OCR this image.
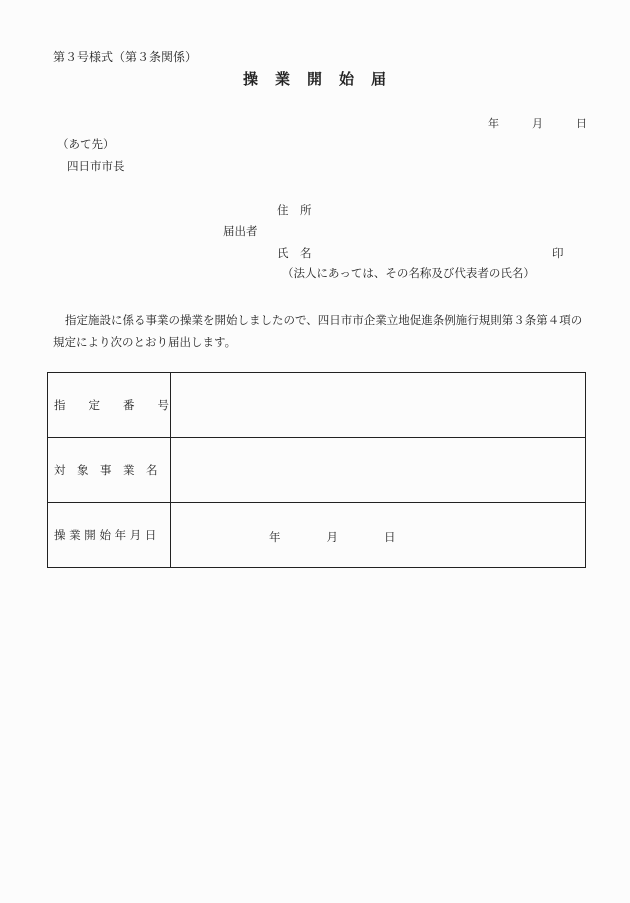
第３号様式（第３条関係）
操　業　開　始　届
年　　　月　　　日
（あて先）
四日市市長
住　所
届出者
氏　名	印
（法人にあっては、その名称及び代表者の氏名）
指定施設に係る事業の操業を開始しましたので、四日市市企業立地促進条例施行規則第３条第４項の規定により次のとおり届出します。
指　　定　　番　　号	
対　象　事　業　名	
操 業 開 始 年 月 日	年　　　　月　　　　日
